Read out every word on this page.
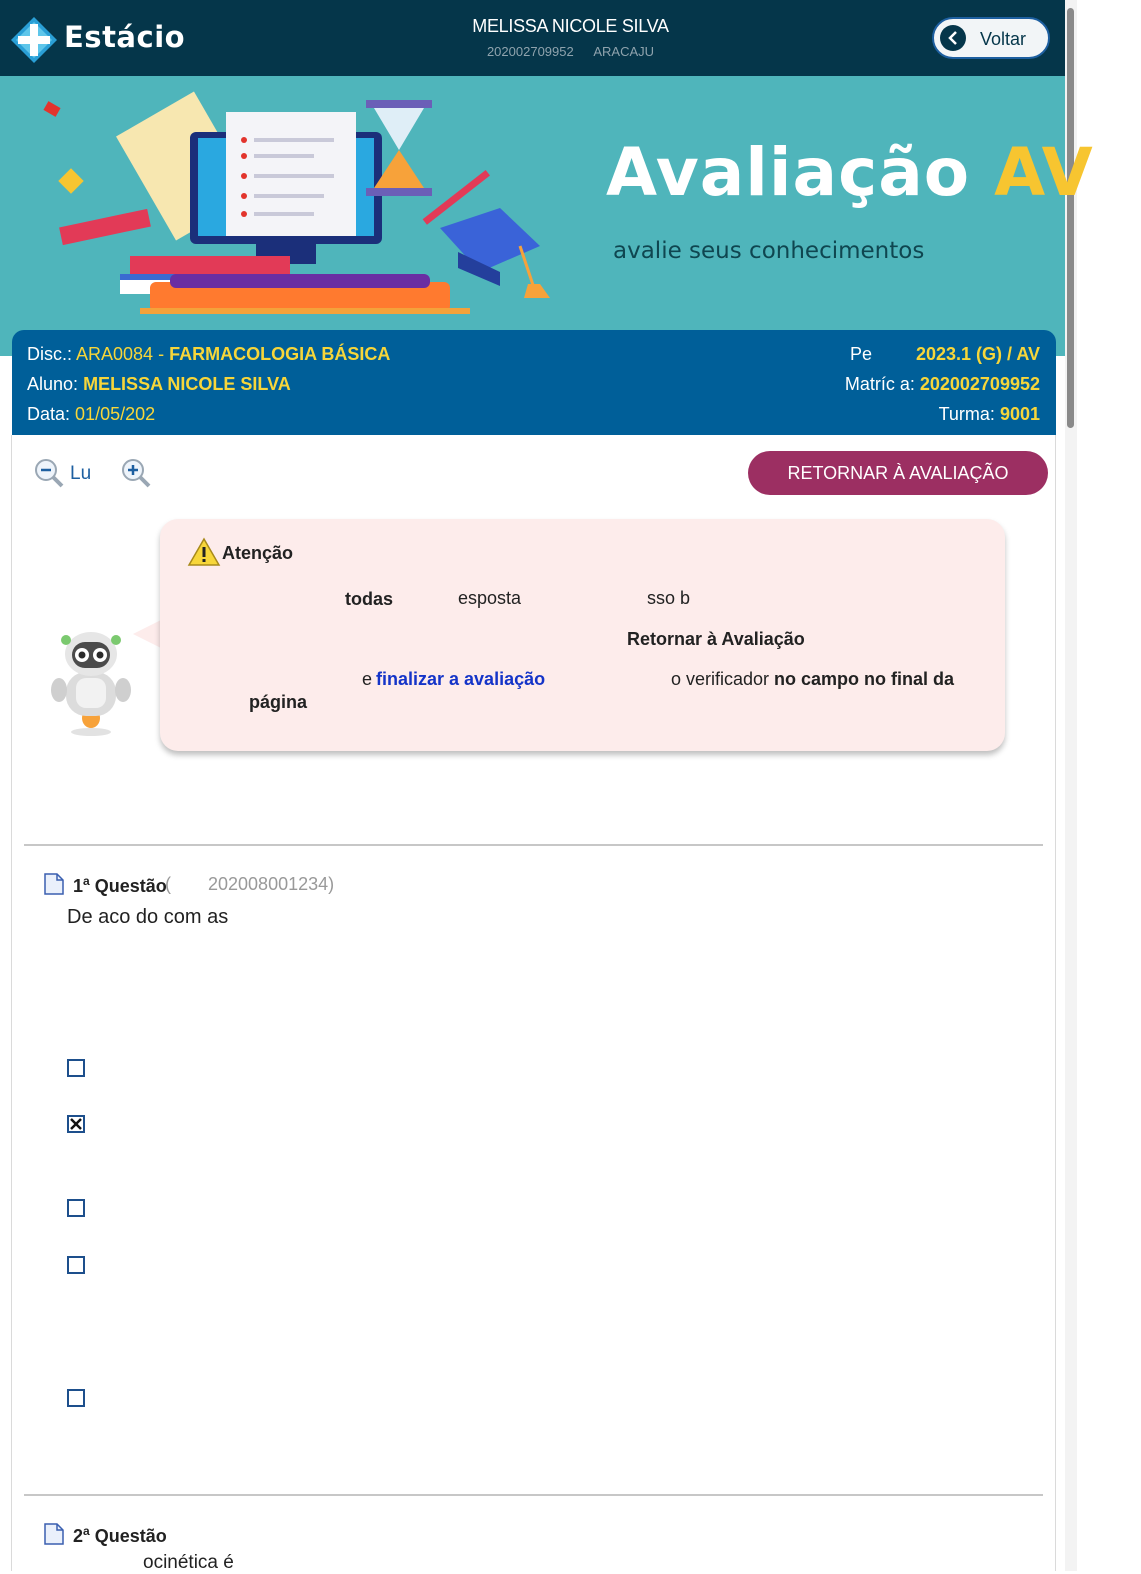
Estácio	MELISSA NICOLE SILVA
202002709952 ARACAJU
Voltar
Avaliação AV
avalie seus conhecimentos
Disc.: ARA0084 - FARMACOLOGIA BÁSICA
Aluno: MELISSA NICOLE SILVA
Data: 01/05/202
Pe 2023.1 (G) / AV
Matríc a: 202002709952
Turma: 9001
Lu	RETORNAR À AVALIAÇÃO
Atenção
todas	esposta	sso b
Retornar à Avaliação
e finalizar a avaliação	o verificador no campo no final da
página
1$^a$ Questão
( 202008001234)
De aco do com as
2$^a$ Questão
ocinética é
